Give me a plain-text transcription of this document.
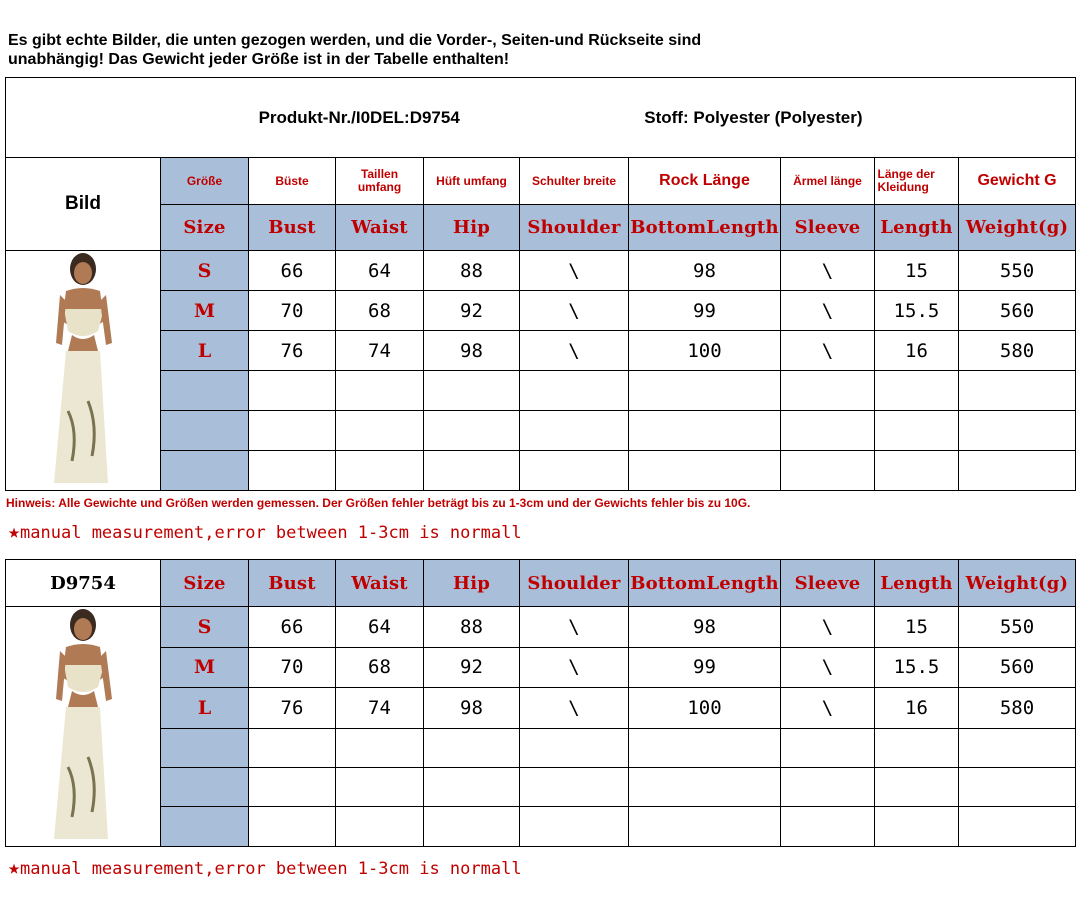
Es gibt echte Bilder, die unten gezogen werden, und die Vorder-, Seiten-und Rückseite sind
unabhängig! Das Gewicht jeder Größe ist in der Tabelle enthalten!
Produkt-Nr./I0DEL:D9754 Stoff: Polyester (Polyester)									
Bild	Größe	Büste	Taillen umfang	Hüft umfang	Schulter breite	Rock Länge	Ärmel länge	Länge der Kleidung	Gewicht G

	Size	Bust	Waist	Hip	Shoulder	BottomLength	Sleeve	Length	Weight(g)
	S	66	64	88	\	98	\	15	550
	M	70	68	92	\	99	\	15.5	560
	L	76	74	98	\	100	\	16	580

Hinweis: Alle Gewichte und Größen werden gemessen. Der Größen fehler beträgt bis zu 1-3cm und der Gewichts fehler bis zu 10G.
★manual measurement,error between 1-3cm is normall
D9754	Size	Bust	Waist	Hip	Shoulder	BottomLength	Sleeve	Length	Weight(g)
	S	66	64	88	\	98	\	15	550
	M	70	68	92	\	99	\	15.5	560
	L	76	74	98	\	100	\	16	580

★manual measurement,error between 1-3cm is normall
